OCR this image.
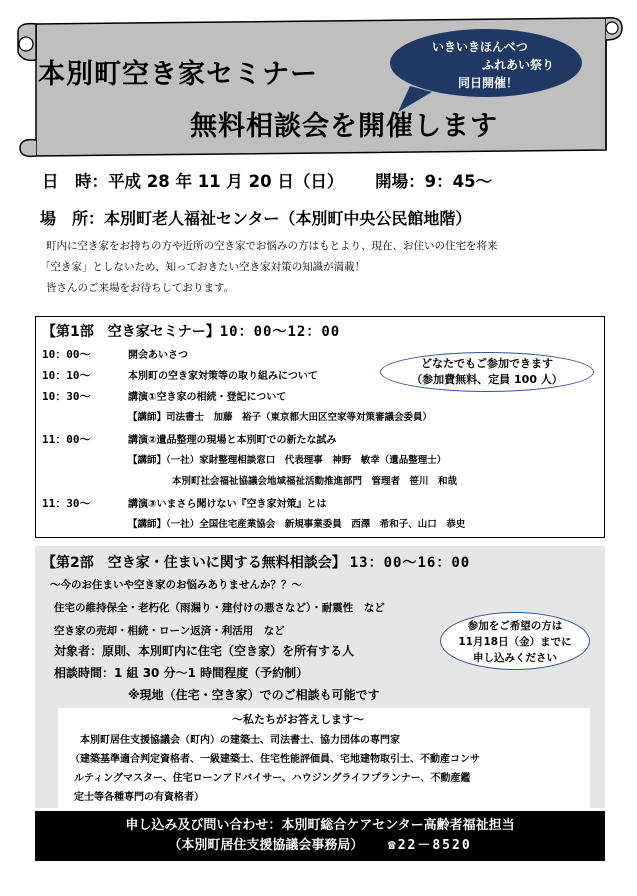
本別町空き家セミナー
無料相談会を開催します
いきいきほんべつ
ふれあい祭り
同日開催！
日　時：平成 28 年 11 月 20 日（日） 開場：9：45～
場　所：本別町老人福祉センター（本別町中央公民館地階）
町内に空き家をお持ちの方や近所の空き家でお悩みの方はもとより、現在、お住いの住宅を将来
「空き家」としないため、知っておきたい空き家対策の知識が満載！
皆さんのご来場をお待ちしております。
【第1部　空き家セミナー】10：00～12：00
10：00～	開会あいさつ
10：10～	本別町の空き家対策等の取り組みについて
10：30～	講演①空き家の相続・登記について
【講師】司法書士　加藤　裕子（東京都大田区空家等対策審議会委員）
11：00～	講演②遺品整理の現場と本別町での新たな試み
【講師】（一社）家財整理相談窓口　代表理事　神野　敏幸（遺品整理士）
本別町社会福祉協議会地域福祉活動推進部門　管理者　笹川　和哉
11：30～	講演③いまさら聞けない『空き家対策』とは
【講師】（一社）全国住宅産業協会　新規事業委員　西澤　希和子、山口　恭史
どなたでもご参加できます
（参加費無料、定員 100 人）
【第2部　空き家・住まいに関する無料相談会】 13：00～16：00
～今のお住まいや空き家のお悩みありませんか？？～
住宅の維持保全・老朽化（雨漏り・建付けの悪さなど）・耐震性　など
空き家の売却・相続・ローン返済・利活用　など
対象者：原則、本別町内に住宅（空き家）を所有する人
相談時間：1 組 30 分～1 時間程度（予約制）
※現地（住宅・空き家）でのご相談も可能です
参加をご希望の方は
11月18日（金）までに
申し込みください
～私たちがお答えします～
本別町居住支援協議会（町内）の建築士、司法書士、協力団体の専門家
（建築基準適合判定資格者、一級建築士、住宅性能評価員、宅地建物取引士、不動産コンサ
ルティングマスター、住宅ローンアドバイサー、ハウジングライフプランナー、不動産鑑
定士等各種専門の有資格者）
申し込み及び問い合わせ：本別町総合ケアセンター高齢者福祉担当
（本別町居住支援協議会事務局） ☎22－8520
